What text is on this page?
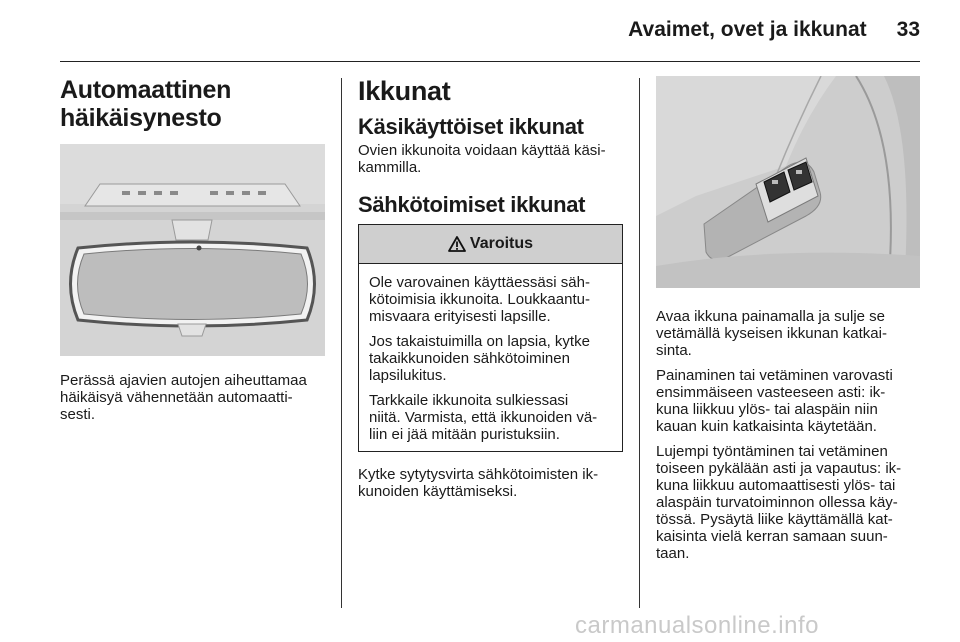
Avaimet, ovet ja ikkunat 33
Automaattinen
häikäisynesto

Perässä ajavien autojen aiheuttamaa
häikäisyä vähennetään automaatti-
sesti.

Ikkunat
Käsikäyttöiset ikkunat

Ovien ikkunoita voidaan käyttää käsi-
kammilla.

Sähkötoimiset ikkunat
Varoitus

Ole varovainen käyttäessäsi säh-
kötoimisia ikkunoita. Loukkaantu-
misvaara erityisesti lapsille.

Jos takaistuimilla on lapsia, kytke
takaikkunoiden sähkötoiminen
lapsilukitus.

Tarkkaile ikkunoita sulkiessasi
niitä. Varmista, että ikkunoiden vä-
liin ei jää mitään puristuksiin.

Kytke sytytysvirta sähkötoimisten ik-
kunoiden käyttämiseksi.

Avaa ikkuna painamalla ja sulje se
vetämällä kyseisen ikkunan katkai-
sinta.

Painaminen tai vetäminen varovasti
ensimmäiseen vasteeseen asti: ik-
kuna liikkuu ylös- tai alaspäin niin
kauan kuin katkaisinta käytetään.

Lujempi työntäminen tai vetäminen
toiseen pykälään asti ja vapautus: ik-
kuna liikkuu automaattisesti ylös- tai
alaspäin turvatoiminnon ollessa käy-
tössä. Pysäytä liike käyttämällä kat-
kaisinta vielä kerran samaan suun-
taan.

carmanualsonline.info
